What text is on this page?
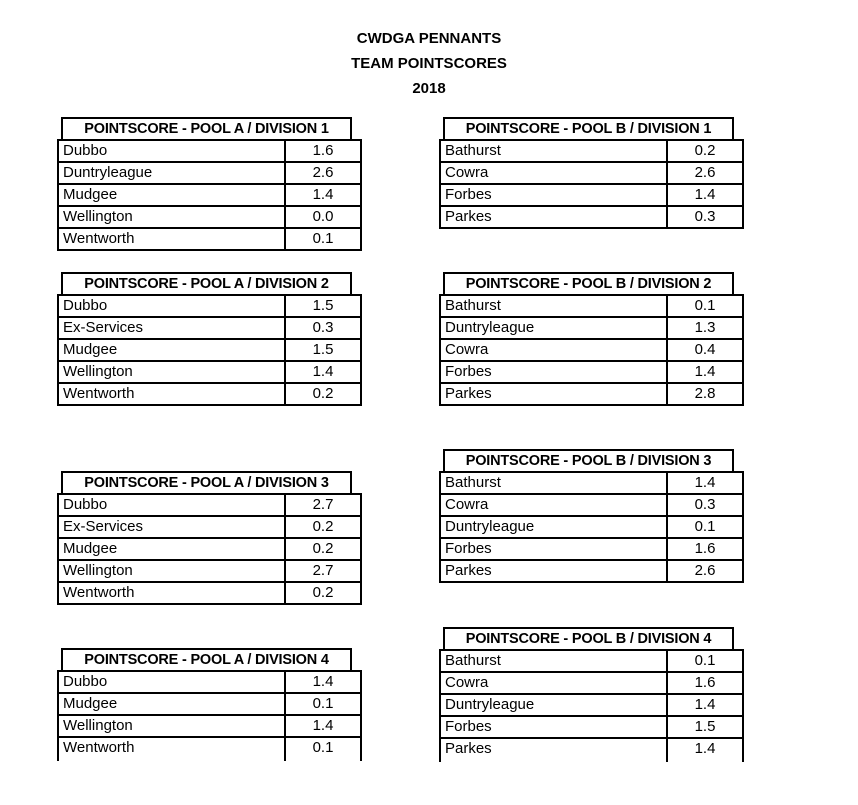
CWDGA PENNANTS
TEAM POINTSCORES
2018
POINTSCORE - POOL A / DIVISION 1
Dubbo	1.6
Duntryleague	2.6
Mudgee	1.4
Wellington	0.0
Wentworth	0.1
POINTSCORE - POOL A / DIVISION 2
Dubbo	1.5
Ex-Services	0.3
Mudgee	1.5
Wellington	1.4
Wentworth	0.2
POINTSCORE - POOL A / DIVISION 3
Dubbo	2.7
Ex-Services	0.2
Mudgee	0.2
Wellington	2.7
Wentworth	0.2
POINTSCORE - POOL A / DIVISION 4
Dubbo	1.4
Mudgee	0.1
Wellington	1.4
Wentworth	0.1
POINTSCORE - POOL B / DIVISION 1
Bathurst	0.2
Cowra	2.6
Forbes	1.4
Parkes	0.3
POINTSCORE - POOL B / DIVISION 2
Bathurst	0.1
Duntryleague	1.3
Cowra	0.4
Forbes	1.4
Parkes	2.8
POINTSCORE - POOL B / DIVISION 3
Bathurst	1.4
Cowra	0.3
Duntryleague	0.1
Forbes	1.6
Parkes	2.6
POINTSCORE - POOL B / DIVISION 4
Bathurst	0.1
Cowra	1.6
Duntryleague	1.4
Forbes	1.5
Parkes	1.4
